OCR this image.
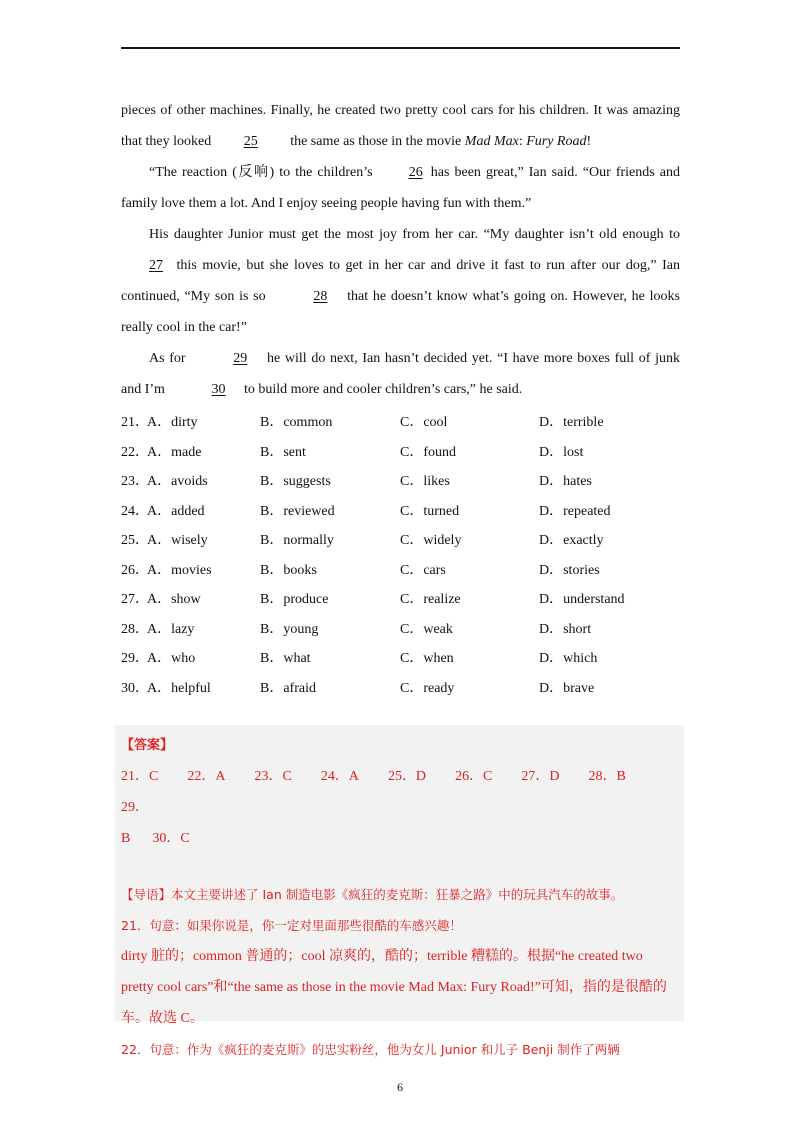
pieces of other machines. Finally, he created two pretty cool cars for his children. It was amazing that they looked 25 the same as those in the movie Mad Max: Fury Road!

“The reaction (反响) to the children’s 26 has been great,” Ian said. “Our friends and family love them a lot. And I enjoy seeing people having fun with them.”

His daughter Junior must get the most joy from her car. “My daughter isn’t old enough to 27 this movie, but she loves to get in her car and drive it fast to run after our dog,” Ian continued, “My son is so	28 that he doesn’t know what’s going on. However, he looks really cool in the car!”

As for	29 he will do next, Ian hasn’t decided yet. “I have more boxes full of junk and I’m	30 to build more and cooler children’s cars,” he said.

21．
A．dirty	B．common	C．cool	D．terrible
22．
A．made	B．sent	C．found	D．lost
23．
A．avoids	B．suggests	C．likes	D．hates
24．
A．added	B．reviewed	C．turned	D．repeated
25．
A．wisely	B．normally	C．widely	D．exactly
26．
A．movies	B．books	C．cars	D．stories
27．
A．show	B．produce	C．realize	D．understand
28．
A．lazy	B．young	C．weak	D．short
29．
A．who	B．what	C．when	D．which
30．
A．helpful	B．afraid	C．ready	D．brave
【答案】
21．C 22．A 23．C 24．A 25．D 26．C 27．D 28．B
29．
B 30．C
【导语】本文主要讲述了 Ian 制造电影《疯狂的麦克斯：狂暴之路》中的玩具汽车的故事。
21．句意：如果你说是，你一定对里面那些很酷的车感兴趣！
dirty 脏的；common 普通的；cool 凉爽的，酷的；terrible 糟糕的。根据“he created two
pretty cool cars”和“the same as those in the movie Mad Max: Fury Road!”可知，指的是很酷的
车。故选 C。
22．句意：作为《疯狂的麦克斯》的忠实粉丝，他为女儿 Junior 和儿子 Benji 制作了两辆
6
